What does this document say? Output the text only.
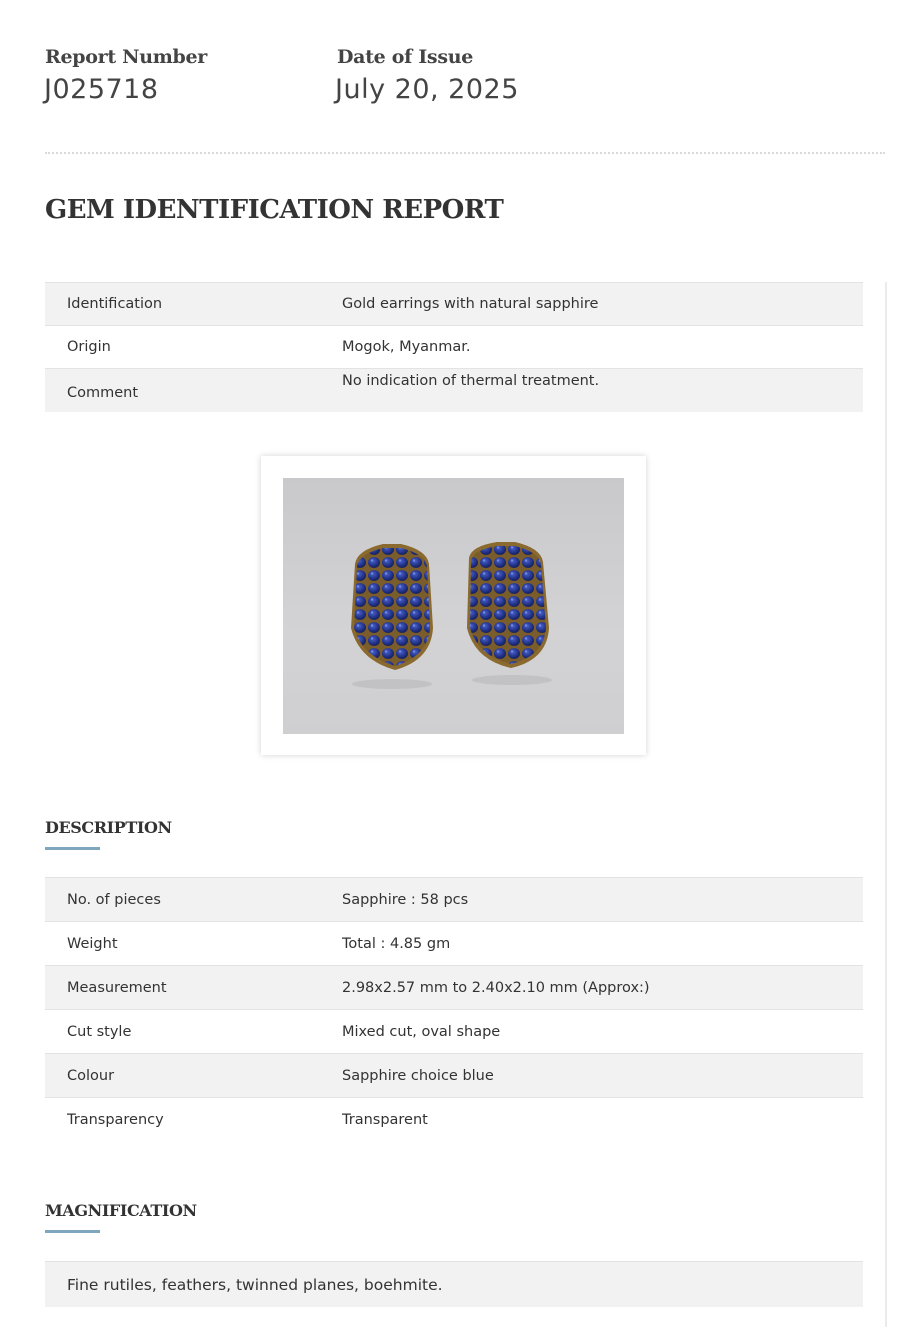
Report Number
J025718
Date of Issue
July 20, 2025
GEM IDENTIFICATION REPORT
Identification	Gold earrings with natural sapphire
Origin	Mogok, Myanmar.
Comment	No indication of thermal treatment.
DESCRIPTION
No. of pieces	Sapphire : 58 pcs
Weight	Total : 4.85 gm
Measurement	2.98x2.57 mm to 2.40x2.10 mm (Approx:)
Cut style	Mixed cut, oval shape
Colour	Sapphire choice blue
Transparency	Transparent
MAGNIFICATION
Fine rutiles, feathers, twinned planes, boehmite.
